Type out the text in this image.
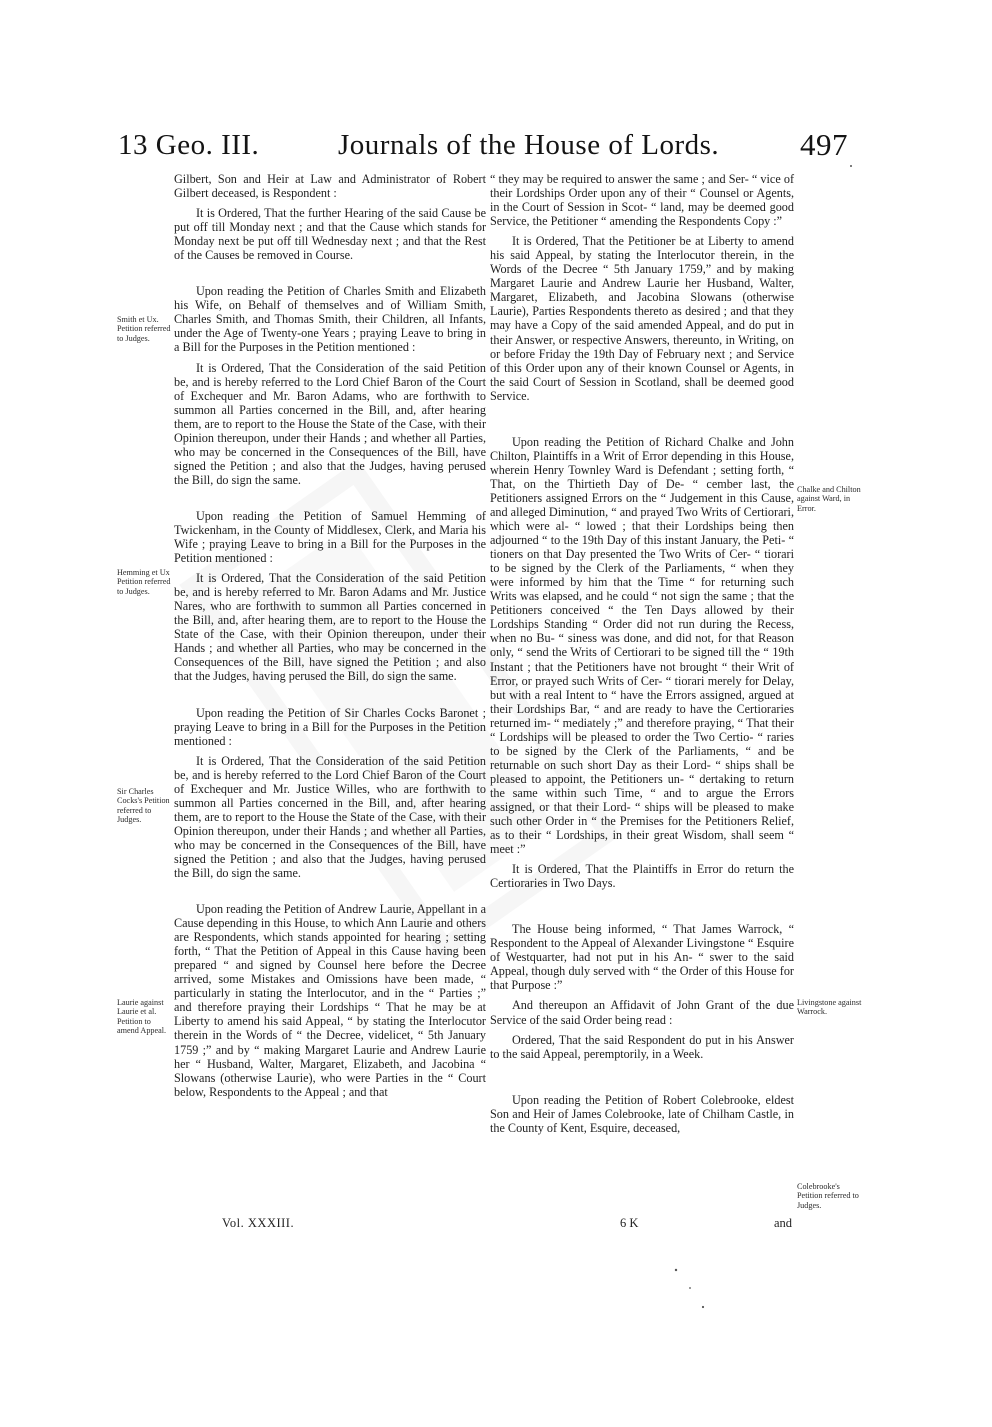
13 Geo. III.	Journals of the House of Lords.	497

Gilbert, Son and Heir at Law and Administrator of Robert Gilbert deceased, is Respondent :

It is Ordered, That the further Hearing of the said Cause be put off till Monday next ; and that the Cause which stands for Monday next be put off till Wednesday next ; and that the Rest of the Causes be removed in Course.

Upon reading the Petition of Charles Smith and Elizabeth his Wife, on Behalf of themselves and of William Smith, Charles Smith, and Thomas Smith, their Children, all Infants, under the Age of Twenty-one Years ; praying Leave to bring in a Bill for the Purposes in the Petition mentioned :

It is Ordered, That the Consideration of the said Petition be, and is hereby referred to the Lord Chief Baron of the Court of Exchequer and Mr. Baron Adams, who are forthwith to summon all Parties concerned in the Bill, and, after hearing them, are to report to the House the State of the Case, with their Opinion thereupon, under their Hands ; and whether all Parties, who may be concerned in the Consequences of the Bill, have signed the Petition ; and also that the Judges, having perused the Bill, do sign the same.

Upon reading the Petition of Samuel Hemming of Twickenham, in the County of Middlesex, Clerk, and Maria his Wife ; praying Leave to bring in a Bill for the Purposes in the Petition mentioned :

It is Ordered, That the Consideration of the said Petition be, and is hereby referred to Mr. Baron Adams and Mr. Justice Nares, who are forthwith to summon all Parties concerned in the Bill, and, after hearing them, are to report to the House the State of the Case, with their Opinion thereupon, under their Hands ; and whether all Parties, who may be concerned in the Consequences of the Bill, have signed the Petition ; and also that the Judges, having perused the Bill, do sign the same.

Upon reading the Petition of Sir Charles Cocks Baronet ; praying Leave to bring in a Bill for the Purposes in the Petition mentioned :

It is Ordered, That the Consideration of the said Petition be, and is hereby referred to the Lord Chief Baron of the Court of Exchequer and Mr. Justice Willes, who are forthwith to summon all Parties concerned in the Bill, and, after hearing them, are to report to the House the State of the Case, with their Opinion thereupon, under their Hands ; and whether all Parties, who may be concerned in the Consequences of the Bill, have signed the Petition ; and also that the Judges, having perused the Bill, do sign the same.

Upon reading the Petition of Andrew Laurie, Appellant in a Cause depending in this House, to which Ann Laurie and others are Respondents, which stands appointed for hearing ; setting forth, “ That the Petition of Appeal in this Cause having been prepared “ and signed by Counsel here before the Decree arrived, some Mistakes and Omissions have been made, “ particularly in stating the Interlocutor, and in the “ Parties ;” and therefore praying their Lordships “ That he may be at Liberty to amend his said Appeal, “ by stating the Interlocutor therein in the Words of “ the Decree, videlicet, “ 5th January 1759 ;” and by “ making Margaret Laurie and Andrew Laurie her “ Husband, Walter, Margaret, Elizabeth, and Jacobina “ Slowans (otherwise Laurie), who were Parties in the “ Court below, Respondents to the Appeal ; and that

“ they may be required to answer the same ; and Ser- “ vice of their Lordships Order upon any of their “ Counsel or Agents, in the Court of Session in Scot- “ land, may be deemed good Service, the Petitioner “ amending the Respondents Copy :”

It is Ordered, That the Petitioner be at Liberty to amend his said Appeal, by stating the Interlocutor therein, in the Words of the Decree “ 5th January 1759,” and by making Margaret Laurie and Andrew Laurie her Husband, Walter, Margaret, Elizabeth, and Jacobina Slowans (otherwise Laurie), Parties Respondents thereto as desired ; and that they may have a Copy of the said amended Appeal, and do put in their Answer, or respective Answers, thereunto, in Writing, on or before Friday the 19th Day of February next ; and Service of this Order upon any of their known Counsel or Agents, in the said Court of Session in Scotland, shall be deemed good Service.

Upon reading the Petition of Richard Chalke and John Chilton, Plaintiffs in a Writ of Error depending in this House, wherein Henry Townley Ward is Defendant ; setting forth, “ That, on the Thirtieth Day of De- “ cember last, the Petitioners assigned Errors on the “ Judgement in this Cause, and alleged Diminution, “ and prayed Two Writs of Certiorari, which were al- “ lowed ; that their Lordships being then adjourned “ to the 19th Day of this instant January, the Peti- “ tioners on that Day presented the Two Writs of Cer- “ tiorari to be signed by the Clerk of the Parliaments, “ when they were informed by him that the Time “ for returning such Writs was elapsed, and he could “ not sign the same ; that the Petitioners conceived “ the Ten Days allowed by their Lordships Standing “ Order did not run during the Recess, when no Bu- “ siness was done, and did not, for that Reason only, “ send the Writs of Certiorari to be signed till the “ 19th Instant ; that the Petitioners have not brought “ their Writ of Error, or prayed such Writs of Cer- “ tiorari merely for Delay, but with a real Intent to “ have the Errors assigned, argued at their Lordships Bar, “ and are ready to have the Certioraries returned im- “ mediately ;” and therefore praying, “ That their “ Lordships will be pleased to order the Two Certio- “ raries to be signed by the Clerk of the Parliaments, “ and be returnable on such short Day as their Lord- “ ships shall be pleased to appoint, the Petitioners un- “ dertaking to return the same within such Time, “ and to argue the Errors assigned, or that their Lord- “ ships will be pleased to make such other Order in “ the Premises for the Petitioners Relief, as to their “ Lordships, in their great Wisdom, shall seem “ meet :”

It is Ordered, That the Plaintiffs in Error do return the Certioraries in Two Days.

The House being informed, “ That James Warrock, “ Respondent to the Appeal of Alexander Livingstone “ Esquire of Westquarter, had not put in his An- “ swer to the said Appeal, though duly served with “ the Order of this House for that Purpose :”

And thereupon an Affidavit of John Grant of the due Service of the said Order being read :

Ordered, That the said Respondent do put in his Answer to the said Appeal, peremptorily, in a Week.

Upon reading the Petition of Robert Colebrooke, eldest Son and Heir of James Colebrooke, late of Chilham Castle, in the County of Kent, Esquire, deceased,

Smith et Ux. Petition referred to Judges.
Hemming et Ux Petition referred to Judges.
Sir Charles Cocks's Petition referred to Judges.
Laurie against Laurie et al. Petition to amend Appeal.
Chalke and Chilton against Ward, in Error.
Livingstone against Warrock.
Colebrooke's Petition referred to Judges.
Vol. XXXIII.	6 K	and
